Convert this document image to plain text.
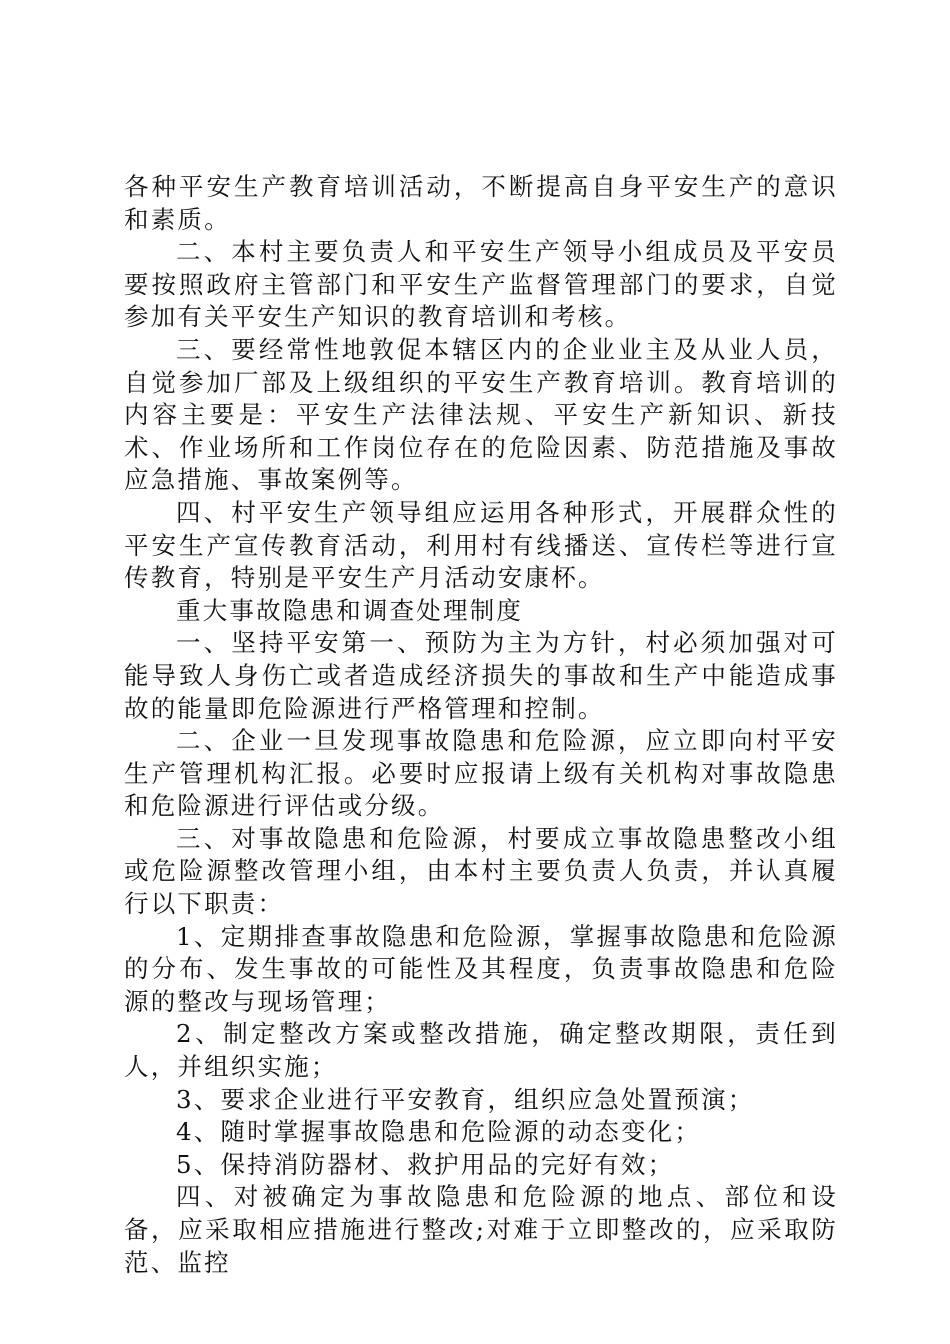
各种平安生产教育培训活动，不断提高自身平安生产的意识和素质。

二、本村主要负责人和平安生产领导小组成员及平安员要按照政府主管部门和平安生产监督管理部门的要求，自觉参加有关平安生产知识的教育培训和考核。

三、要经常性地敦促本辖区内的企业业主及从业人员，自觉参加厂部及上级组织的平安生产教育培训。教育培训的内容主要是：平安生产法律法规、平安生产新知识、新技术、作业场所和工作岗位存在的危险因素、防范措施及事故应急措施、事故案例等。

四、村平安生产领导组应运用各种形式，开展群众性的平安生产宣传教育活动，利用村有线播送、宣传栏等进行宣传教育，特别是平安生产月活动安康杯。

重大事故隐患和调查处理制度

一、坚持平安第一、预防为主为方针，村必须加强对可能导致人身伤亡或者造成经济损失的事故和生产中能造成事故的能量即危险源进行严格管理和控制。

二、企业一旦发现事故隐患和危险源，应立即向村平安生产管理机构汇报。必要时应报请上级有关机构对事故隐患和危险源进行评估或分级。

三、对事故隐患和危险源，村要成立事故隐患整改小组或危险源整改管理小组，由本村主要负责人负责，并认真履行以下职责：

1、定期排查事故隐患和危险源，掌握事故隐患和危险源的分布、发生事故的可能性及其程度，负责事故隐患和危险源的整改与现场管理；

2、制定整改方案或整改措施，确定整改期限，责任到人，并组织实施；

3、要求企业进行平安教育，组织应急处置预演；

4、随时掌握事故隐患和危险源的动态变化；

5、保持消防器材、救护用品的完好有效；

四、对被确定为事故隐患和危险源的地点、部位和设备，应采取相应措施进行整改;对难于立即整改的，应采取防范、监控
